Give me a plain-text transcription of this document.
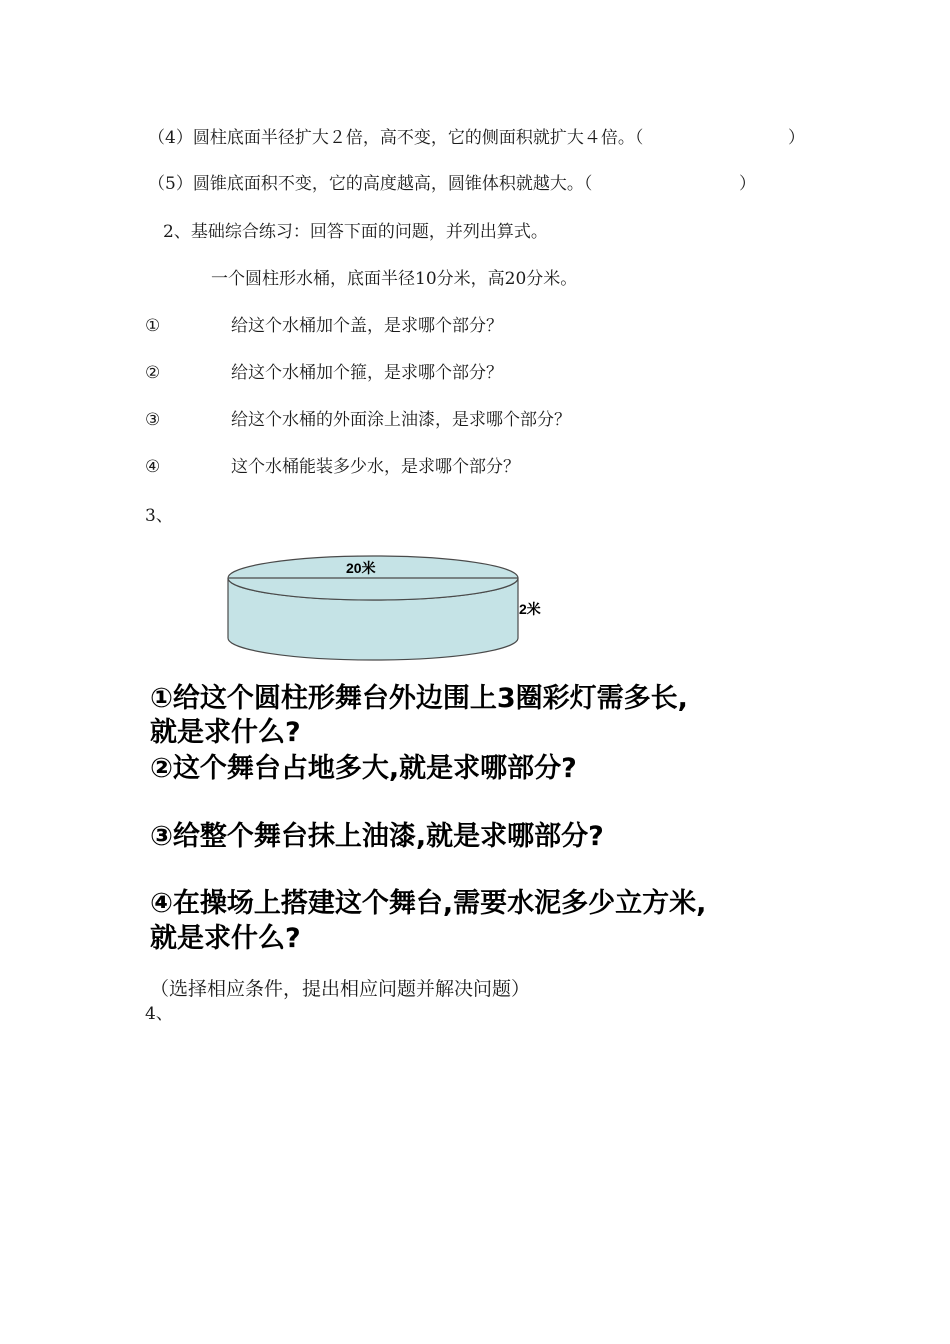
（4）圆柱底面半径扩大２倍，高不变，它的侧面积就扩大４倍。（	）
（5）圆锥底面积不变，它的高度越高，圆锥体积就越大。（	）
2、基础综合练习：回答下面的问题，并列出算式。
一个圆柱形水桶，底面半径10分米，高20分米。
①	给这个水桶加个盖，是求哪个部分？
②	给这个水桶加个箍，是求哪个部分？
③	给这个水桶的外面涂上油漆，是求哪个部分？
④	这个水桶能装多少水，是求哪个部分？
3、
20米
2米
①给这个圆柱形舞台外边围上3圈彩灯需多长,
就是求什么?
②这个舞台占地多大,就是求哪部分?
③给整个舞台抹上油漆,就是求哪部分?
④在操场上搭建这个舞台,需要水泥多少立方米,
就是求什么?
（选择相应条件，提出相应问题并解决问题）
4、
